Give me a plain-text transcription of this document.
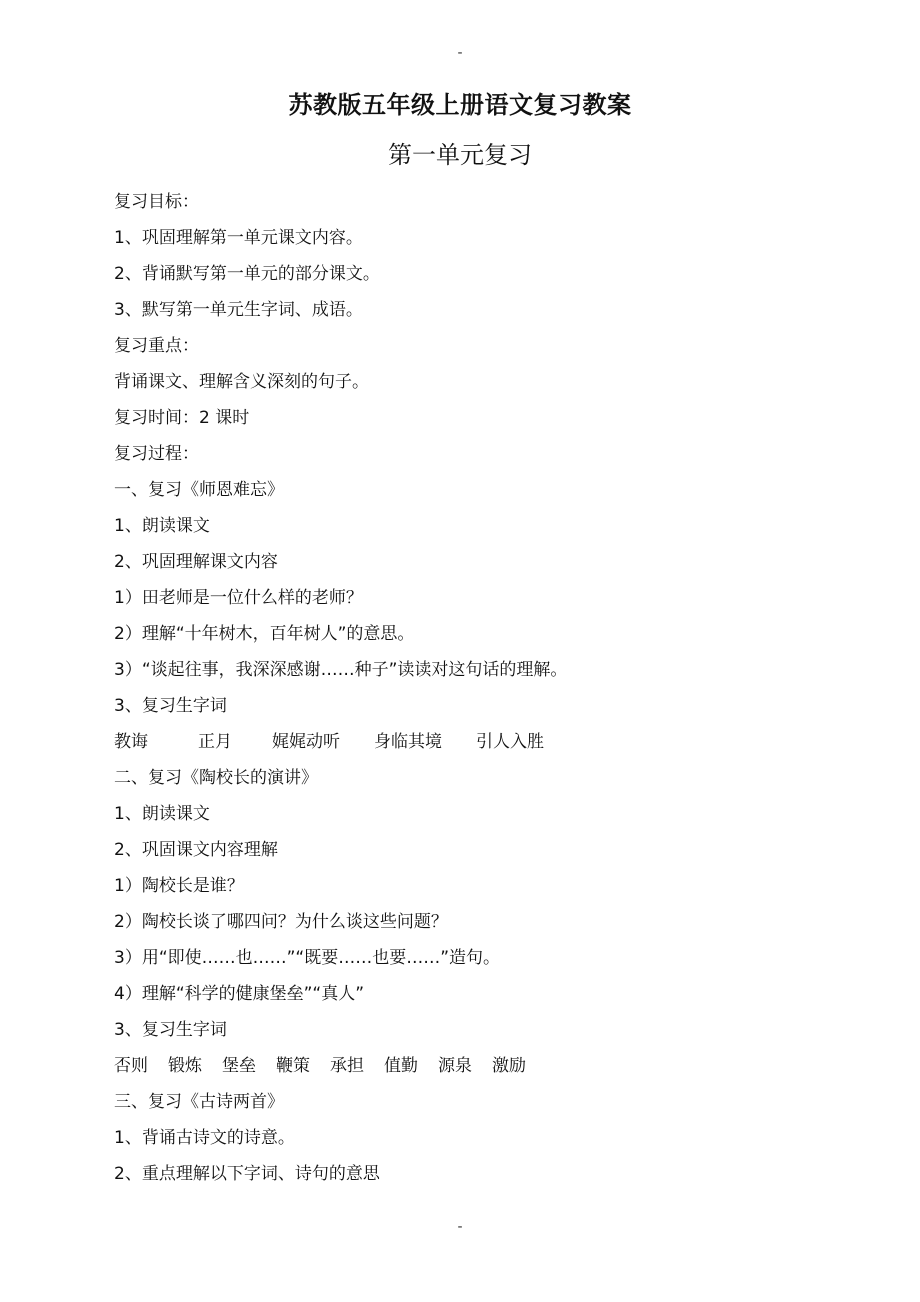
-
苏教版五年级上册语文复习教案
第一单元复习
复习目标：
1、巩固理解第一单元课文内容。
2、背诵默写第一单元的部分课文。
3、默写第一单元生字词、成语。
复习重点：
背诵课文、理解含义深刻的句子。
复习时间：2 课时
复习过程：
一、复习《师恩难忘》
1、朗读课文
2、巩固理解课文内容
1）田老师是一位什么样的老师？
2）理解“十年树木，百年树人”的意思。
3）“谈起往事，我深深感谢……种子”读读对这句话的理解。
3、复习生字词
教诲	正月	娓娓动听	身临其境	引人入胜
二、复习《陶校长的演讲》
1、朗读课文
2、巩固课文内容理解
1）陶校长是谁？
2）陶校长谈了哪四问？为什么谈这些问题？
3）用“即使……也……”“既要……也要……”造句。
4）理解“科学的健康堡垒”“真人”
3、复习生字词
否则 锻炼 堡垒 鞭策 承担 值勤 源泉 激励
三、复习《古诗两首》
1、背诵古诗文的诗意。
2、重点理解以下字词、诗句的意思
-
